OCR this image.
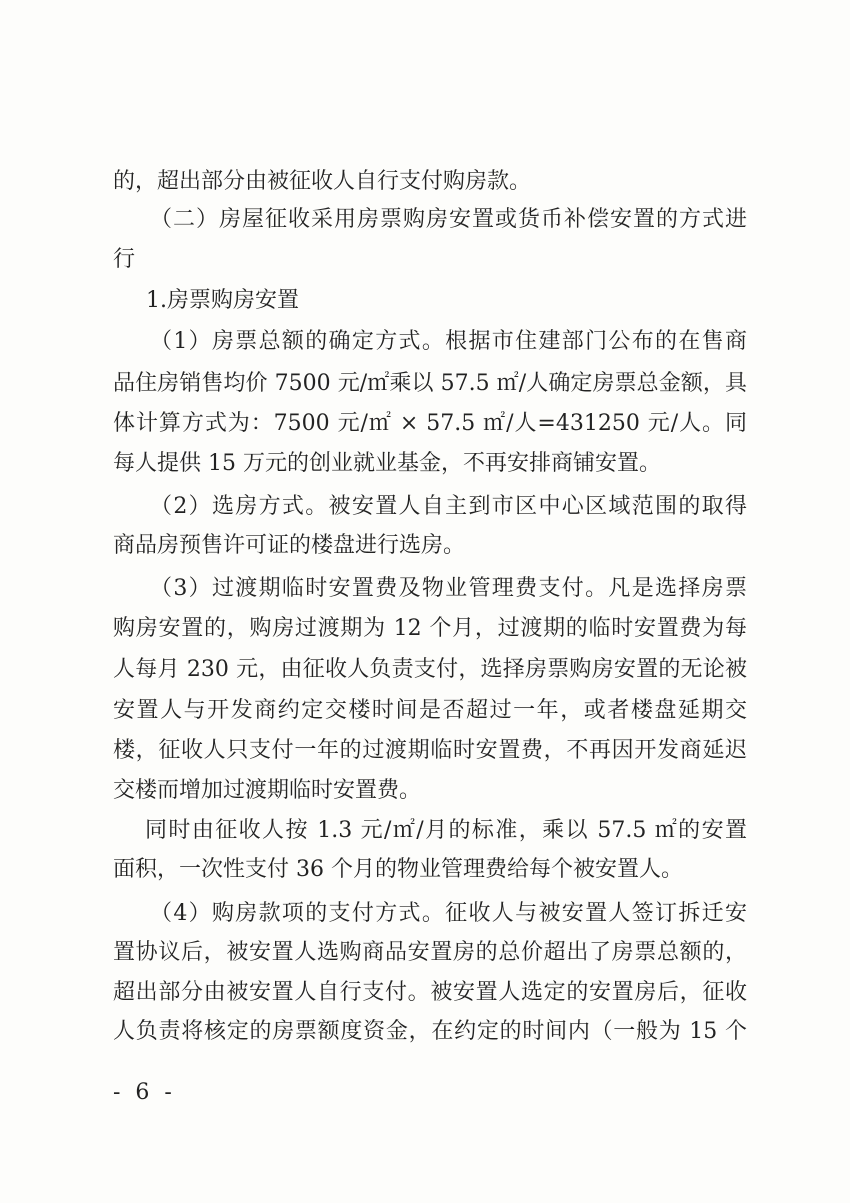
的，超出部分由被征收人自行支付购房款。
（二）房屋征收采用房票购房安置或货币补偿安置的方式进
行
1.房票购房安置
（1）房票总额的确定方式。根据市住建部门公布的在售商
品住房销售均价 7500 元/㎡乘以 57.5 ㎡/人确定房票总金额，具
体计算方式为：7500 元/㎡ × 57.5 ㎡/人=431250 元/人。同
每人提供 15 万元的创业就业基金，不再安排商铺安置。
（2）选房方式。被安置人自主到市区中心区域范围的取得
商品房预售许可证的楼盘进行选房。
（3）过渡期临时安置费及物业管理费支付。凡是选择房票
购房安置的，购房过渡期为 12 个月，过渡期的临时安置费为每
人每月 230 元，由征收人负责支付，选择房票购房安置的无论被
安置人与开发商约定交楼时间是否超过一年，或者楼盘延期交
楼，征收人只支付一年的过渡期临时安置费，不再因开发商延迟
交楼而增加过渡期临时安置费。
同时由征收人按 1.3 元/㎡/月的标准，乘以 57.5 ㎡的安置
面积，一次性支付 36 个月的物业管理费给每个被安置人。
（4）购房款项的支付方式。征收人与被安置人签订拆迁安
置协议后，被安置人选购商品安置房的总价超出了房票总额的，
超出部分由被安置人自行支付。被安置人选定的安置房后，征收
人负责将核定的房票额度资金，在约定的时间内（一般为 15 个
- 6 -
